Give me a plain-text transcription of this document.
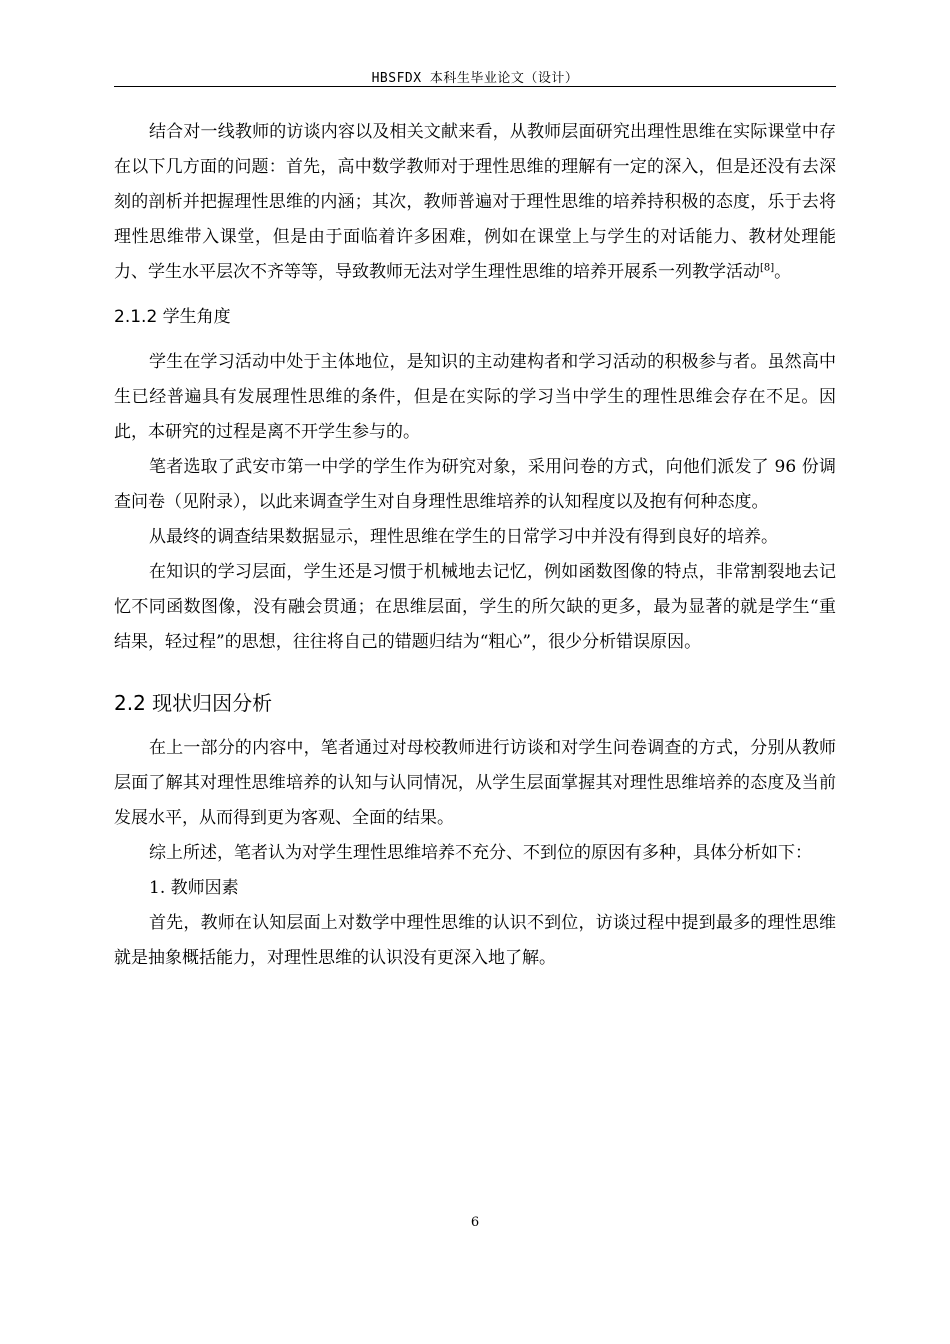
HBSFDX 本科生毕业论文（设计）

结合对一线教师的访谈内容以及相关文献来看，从教师层面研究出理性思维在实际课堂中存在以下几方面的问题：首先，高中数学教师对于理性思维的理解有一定的深入，但是还没有去深刻的剖析并把握理性思维的内涵；其次，教师普遍对于理性思维的培养持积极的态度，乐于去将理性思维带入课堂，但是由于面临着许多困难，例如在课堂上与学生的对话能力、教材处理能力、学生水平层次不齐等等，导致教师无法对学生理性思维的培养开展系一列教学活动[8]。

2.1.2 学生角度

学生在学习活动中处于主体地位，是知识的主动建构者和学习活动的积极参与者。虽然高中生已经普遍具有发展理性思维的条件，但是在实际的学习当中学生的理性思维会存在不足。因此，本研究的过程是离不开学生参与的。

笔者选取了武安市第一中学的学生作为研究对象，采用问卷的方式，向他们派发了 96 份调查问卷（见附录），以此来调查学生对自身理性思维培养的认知程度以及抱有何种态度。

从最终的调查结果数据显示，理性思维在学生的日常学习中并没有得到良好的培养。

在知识的学习层面，学生还是习惯于机械地去记忆，例如函数图像的特点，非常割裂地去记忆不同函数图像，没有融会贯通；在思维层面，学生的所欠缺的更多，最为显著的就是学生“重结果，轻过程”的思想，往往将自己的错题归结为“粗心”，很少分析错误原因。

2.2 现状归因分析

在上一部分的内容中，笔者通过对母校教师进行访谈和对学生问卷调查的方式，分别从教师层面了解其对理性思维培养的认知与认同情况，从学生层面掌握其对理性思维培养的态度及当前发展水平，从而得到更为客观、全面的结果。

综上所述，笔者认为对学生理性思维培养不充分、不到位的原因有多种，具体分析如下：

1. 教师因素

首先，教师在认知层面上对数学中理性思维的认识不到位，访谈过程中提到最多的理性思维就是抽象概括能力，对理性思维的认识没有更深入地了解。

6
